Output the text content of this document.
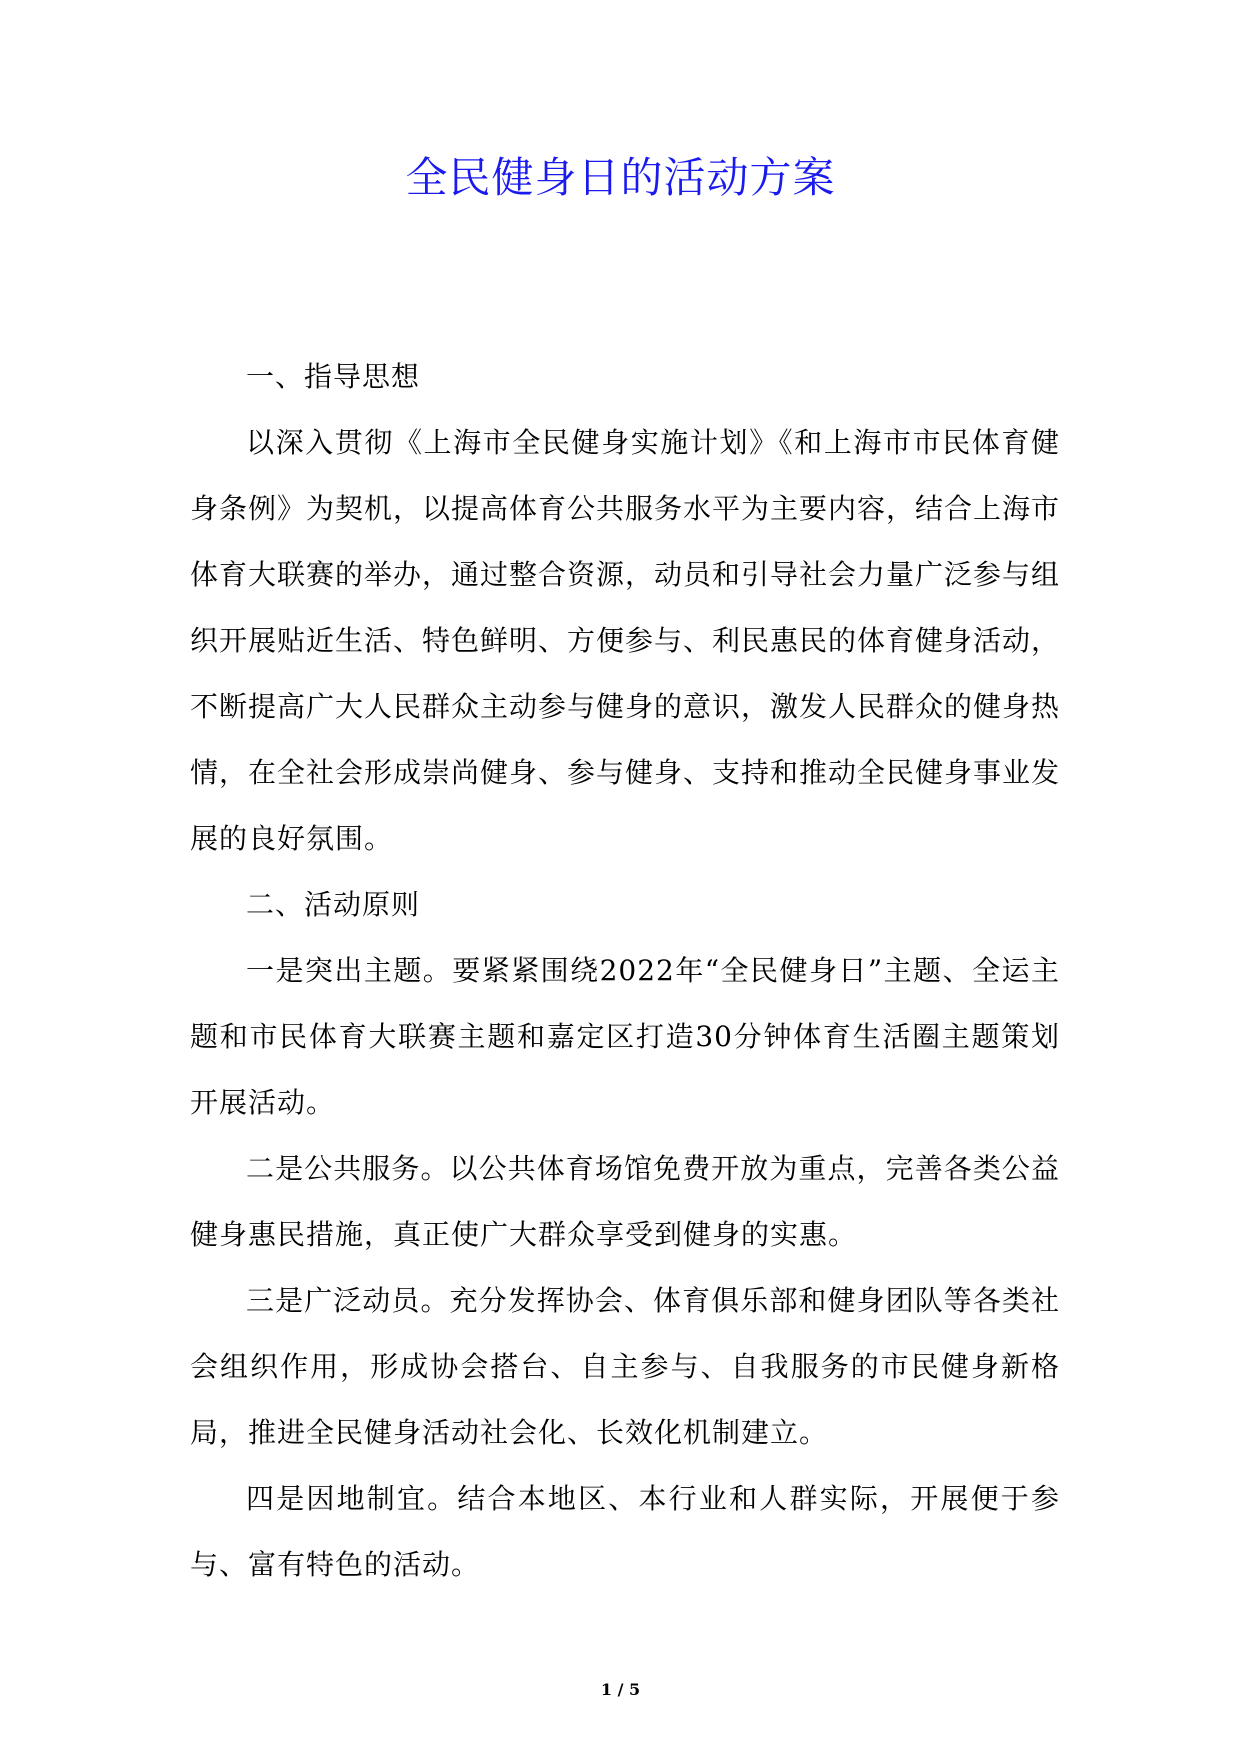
全民健身日的活动方案

一、指导思想

以深入贯彻《上海市全民健身实施计划》《和上海市市民体育健身条例》为契机，以提高体育公共服务水平为主要内容，结合上海市体育大联赛的举办，通过整合资源，动员和引导社会力量广泛参与组织开展贴近生活、特色鲜明、方便参与、利民惠民的体育健身活动，不断提高广大人民群众主动参与健身的意识，激发人民群众的健身热情，在全社会形成崇尚健身、参与健身、支持和推动全民健身事业发展的良好氛围。

二、活动原则

一是突出主题。要紧紧围绕2022年“全民健身日”主题、全运主题和市民体育大联赛主题和嘉定区打造30分钟体育生活圈主题策划开展活动。

二是公共服务。以公共体育场馆免费开放为重点，完善各类公益健身惠民措施，真正使广大群众享受到健身的实惠。

三是广泛动员。充分发挥协会、体育俱乐部和健身团队等各类社会组织作用，形成协会搭台、自主参与、自我服务的市民健身新格局，推进全民健身活动社会化、长效化机制建立。

四是因地制宜。结合本地区、本行业和人群实际，开展便于参与、富有特色的活动。

1 / 5
